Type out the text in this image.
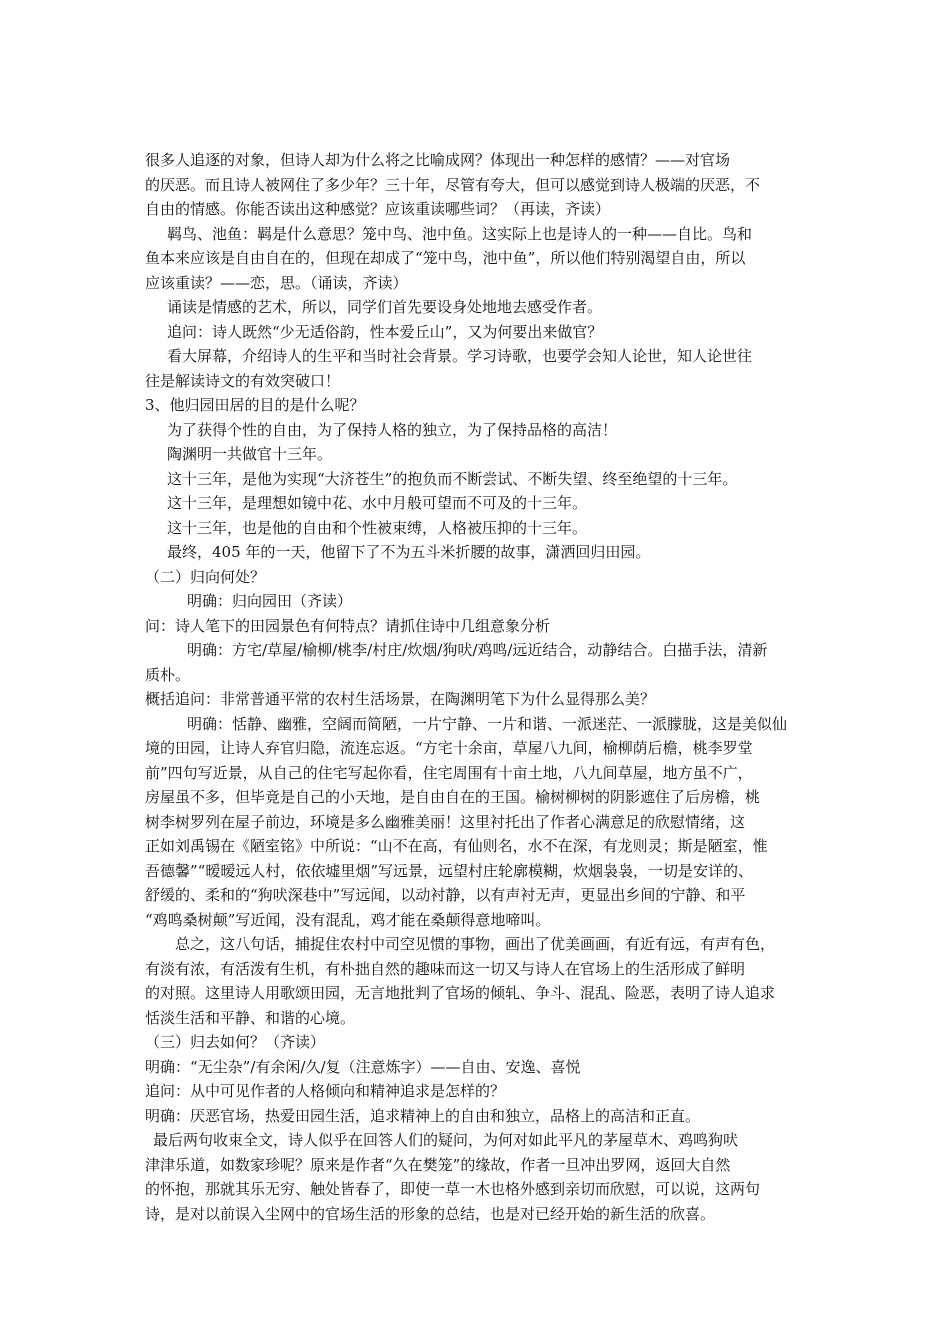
很多人追逐的对象，但诗人却为什么将之比喻成网？体现出一种怎样的感情？——对官场
的厌恶。而且诗人被网住了多少年？三十年，尽管有夸大，但可以感觉到诗人极端的厌恶，不
自由的情感。你能否读出这种感觉？应该重读哪些词？（再读，齐读）
羁鸟、池鱼：羁是什么意思？笼中鸟、池中鱼。这实际上也是诗人的一种——自比。鸟和
鱼本来应该是自由自在的，但现在却成了“笼中鸟，池中鱼”，所以他们特别渴望自由，所以
应该重读？——恋，思。（诵读，齐读）
诵读是情感的艺术，所以，同学们首先要设身处地地去感受作者。
追问：诗人既然“少无适俗韵，性本爱丘山”，又为何要出来做官？
看大屏幕，介绍诗人的生平和当时社会背景。学习诗歌，也要学会知人论世，知人论世往
往是解读诗文的有效突破口！
3、他归园田居的目的是什么呢？
为了获得个性的自由，为了保持人格的独立，为了保持品格的高洁！
陶渊明一共做官十三年。
这十三年，是他为实现“大济苍生”的抱负而不断尝试、不断失望、终至绝望的十三年。
这十三年，是理想如镜中花、水中月般可望而不可及的十三年。
这十三年，也是他的自由和个性被束缚，人格被压抑的十三年。
最终，405 年的一天，他留下了不为五斗米折腰的故事，潇洒回归田园。
（二）归向何处？
明确：归向园田（齐读）
问：诗人笔下的田园景色有何特点？请抓住诗中几组意象分析
明确：方宅/草屋/榆柳/桃李/村庄/炊烟/狗吠/鸡鸣/远近结合，动静结合。白描手法，清新
质朴。
概括追问：非常普通平常的农村生活场景，在陶渊明笔下为什么显得那么美？
明确：恬静、幽雅，空阔而简陋，一片宁静、一片和谐、一派迷茫、一派朦胧，这是美似仙
境的田园，让诗人弃官归隐，流连忘返。“方宅十余亩，草屋八九间，榆柳荫后檐，桃李罗堂
前”四句写近景，从自己的住宅写起你看，住宅周围有十亩土地，八九间草屋，地方虽不广，
房屋虽不多，但毕竟是自己的小天地，是自由自在的王国。榆树柳树的阴影遮住了后房檐，桃
树李树罗列在屋子前边，环境是多么幽雅美丽！这里衬托出了作者心满意足的欣慰情绪，这
正如刘禹锡在《陋室铭》中所说：“山不在高，有仙则名，水不在深，有龙则灵；斯是陋室，惟
吾德馨”“暧暧远人村，依依墟里烟”写远景，远望村庄轮廓模糊，炊烟袅袅，一切是安详的、
舒缓的、柔和的“狗吠深巷中”写远闻，以动衬静，以有声衬无声，更显出乡间的宁静、和平
“鸡鸣桑树颠”写近闻，没有混乱，鸡才能在桑颠得意地啼叫。
总之，这八句话，捕捉住农村中司空见惯的事物，画出了优美画画，有近有远，有声有色，
有淡有浓，有活泼有生机，有朴拙自然的趣味而这一切又与诗人在官场上的生活形成了鲜明
的对照。这里诗人用歌颂田园，无言地批判了官场的倾轧、争斗、混乱、险恶，表明了诗人追求
恬淡生活和平静、和谐的心境。
（三）归去如何？（齐读）
明确：“无尘杂”/有余闲/久/复（注意炼字）——自由、安逸、喜悦
追问：从中可见作者的人格倾向和精神追求是怎样的？
明确：厌恶官场，热爱田园生活，追求精神上的自由和独立，品格上的高洁和正直。
最后两句收束全文，诗人似乎在回答人们的疑问，为何对如此平凡的茅屋草木、鸡鸣狗吠
津津乐道，如数家珍呢？原来是作者“久在樊笼”的缘故，作者一旦冲出罗网，返回大自然
的怀抱，那就其乐无穷、触处皆春了，即使一草一木也格外感到亲切而欣慰，可以说，这两句
诗，是对以前误入尘网中的官场生活的形象的总结，也是对已经开始的新生活的欣喜。
